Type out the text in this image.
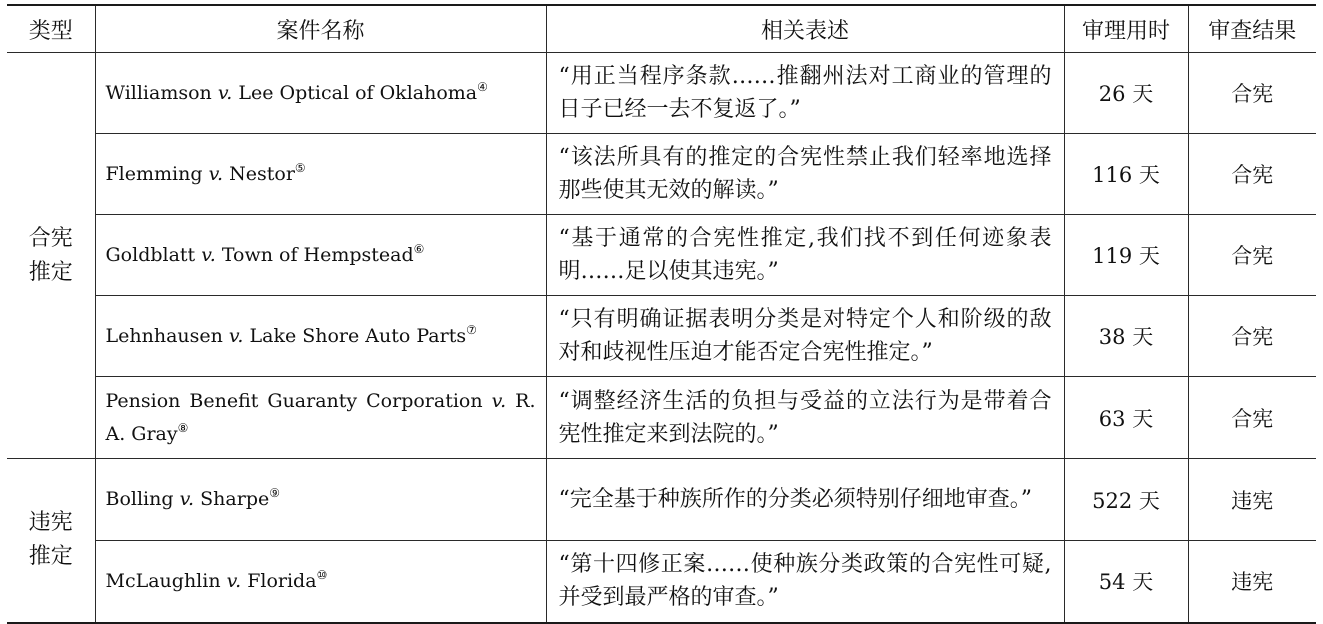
类型	案件名称	相关表述	审理用时	审查结果
合宪推定	Williamson v. Lee Optical of Oklahoma④	“用正当程序条款……推翻州法对工商业的管理的日子已经一去不复返了。”	26 天	合宪
	Flemming v. Nestor⑤	“该法所具有的推定的合宪性禁止我们轻率地选择那些使其无效的解读。”	116 天	合宪
	Goldblatt v. Town of Hempstead⑥	“基于通常的合宪性推定,我们找不到任何迹象表明……足以使其违宪。”	119 天	合宪
	Lehnhausen v. Lake Shore Auto Parts⑦	“只有明确证据表明分类是对特定个人和阶级的敌对和歧视性压迫才能否定合宪性推定。”	38 天	合宪
	Pension Benefit Guaranty Corporation v. R. A. Gray⑧	“调整经济生活的负担与受益的立法行为是带着合宪性推定来到法院的。”	63 天	合宪
违宪推定	Bolling v. Sharpe⑨	“完全基于种族所作的分类必须特别仔细地审查。”	522 天	违宪
	McLaughlin v. Florida⑩	“第十四修正案……使种族分类政策的合宪性可疑,并受到最严格的审查。”	54 天	违宪
